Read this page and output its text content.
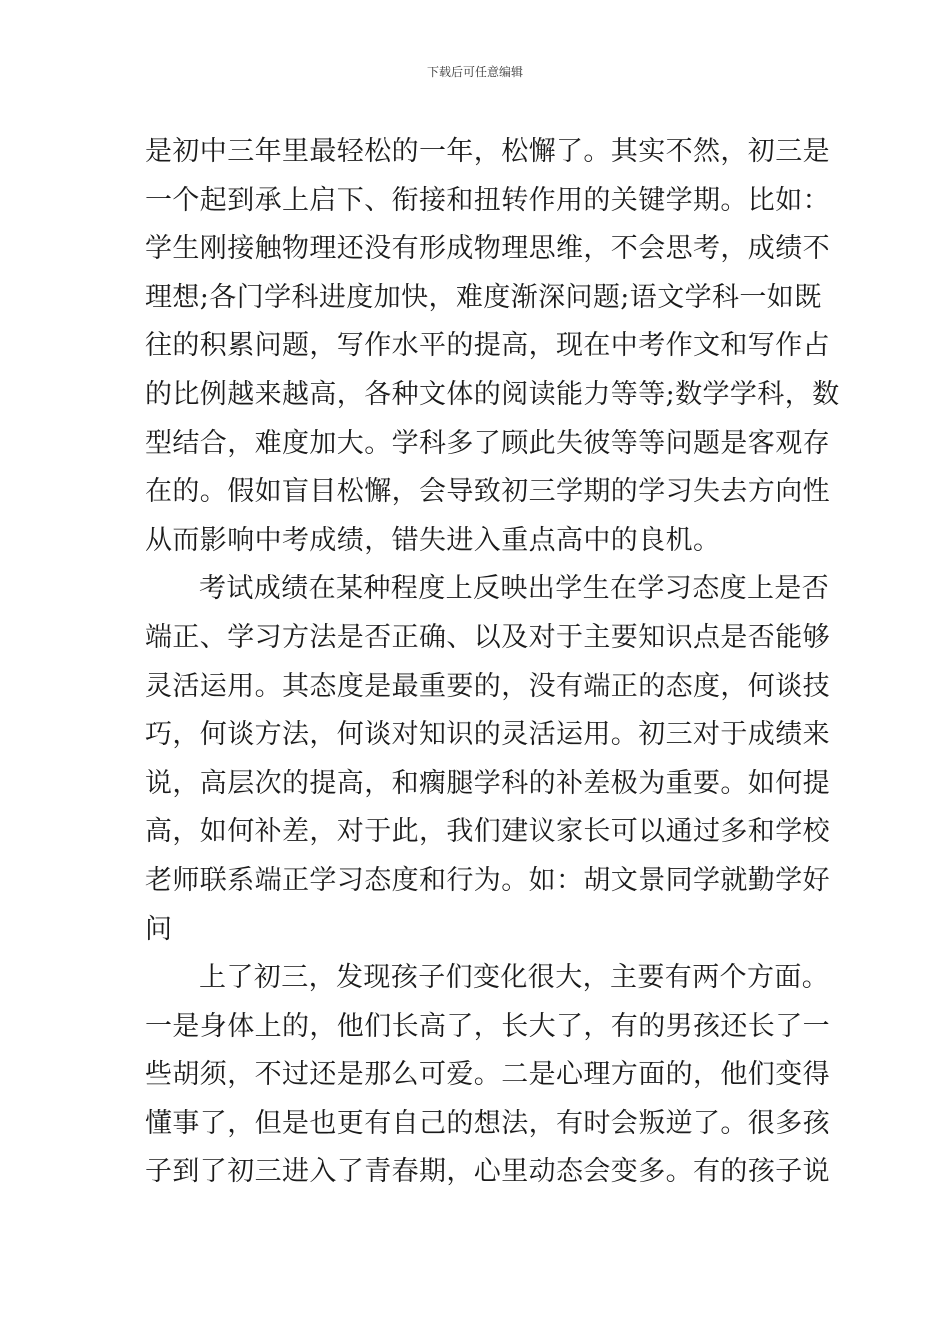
下载后可任意编辑
是初中三年里最轻松的一年，松懈了。其实不然，初三是
一个起到承上启下、衔接和扭转作用的关键学期。比如：
学生刚接触物理还没有形成物理思维，不会思考，成绩不
理想;各门学科进度加快，难度渐深问题;语文学科一如既
往的积累问题，写作水平的提高，现在中考作文和写作占
的比例越来越高，各种文体的阅读能力等等;数学学科，数
型结合，难度加大。学科多了顾此失彼等等问题是客观存
在的。假如盲目松懈，会导致初三学期的学习失去方向性
从而影响中考成绩，错失进入重点高中的良机。
考试成绩在某种程度上反映出学生在学习态度上是否
端正、学习方法是否正确、以及对于主要知识点是否能够
灵活运用。其态度是最重要的，没有端正的态度，何谈技
巧，何谈方法，何谈对知识的灵活运用。初三对于成绩来
说，高层次的提高，和瘸腿学科的补差极为重要。如何提
高，如何补差，对于此，我们建议家长可以通过多和学校
老师联系端正学习态度和行为。如：胡文景同学就勤学好
问
上了初三，发现孩子们变化很大，主要有两个方面。
一是身体上的，他们长高了，长大了，有的男孩还长了一
些胡须，不过还是那么可爱。二是心理方面的，他们变得
懂事了，但是也更有自己的想法，有时会叛逆了。很多孩
子到了初三进入了青春期，心里动态会变多。有的孩子说
